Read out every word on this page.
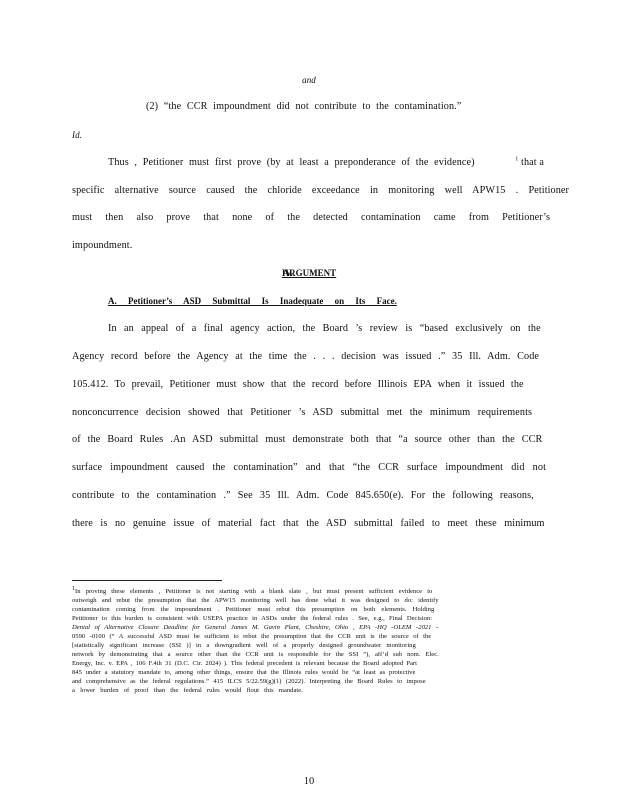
and
(2) “the CCR impoundment did not contribute to the contamination.”
Id.
Thus , Petitioner must first prove (by at least a preponderance of the evidence)	$^1$ that a
specific alternative source caused the chloride exceedance in monitoring well APW15 . Petitioner
must then also prove that none of the detected contamination came from Petitioner’s
impoundment.
IV. ARGUMENT
A. Petitioner’s ASD Submittal Is Inadequate on Its Face.
In an appeal of a final agency action, the Board ’s review is “based exclusively on the
Agency record before the Agency at the time the . . . decision was issued .” 35 Ill. Adm. Code
105.412. To prevail, Petitioner must show that the record before Illinois EPA when it issued the
nonconcurrence decision showed that Petitioner ’s ASD submittal met the minimum requirements
of the Board Rules .An ASD submittal must demonstrate both that “a source other than the CCR
surface impoundment caused the contamination” and that “the CCR surface impoundment did not
contribute to the contamination .” See 35 Ill. Adm. Code 845.650(e). For the following reasons,
there is no genuine issue of material fact that the ASD submittal failed to meet these minimum
$^1$In proving these elements , Petitioner is not starting with a blank slate , but must present sufficient evidence to
outweigh and rebut the presumption that the APW15 monitoring well has done what it was designed to do: identify
contamination coming from the impoundment . Petitioner must rebut this presumption on both elements. Holding
Petitioner to this burden is consistent with USEPA practice in ASDs under the federal rules . See, e.g., Final Decision:
Denial of Alternative Closure Deadline for General James M. Gavin Plant, Cheshire, Ohio , EPA -HQ -OLEM -2021 -
0590 -0100 (“ A successful ASD must be sufficient to rebut the presumption that the CCR unit is the source of the
[statistically significant increase (SSI )] in a downgradient well of a properly designed groundwater monitoring
network by demonstrating that a source other than the CCR unit is responsible for the SSI ”), aff’d sub nom. Elec.
Energy, Inc. v. EPA , 106 F.4th 31 (D.C. Cir. 2024) ). This federal precedent is relevant because the Board adopted Part
845 under a statutory mandate to, among other things, ensure that the Illinois rules would be “at least as protective
and comprehensive as the federal regulations.” 415 ILCS 5/22.59(g)(1) (2022). Interpreting the Board Rules to impose
a lower burden of proof than the federal rules would flout this mandate.
10
